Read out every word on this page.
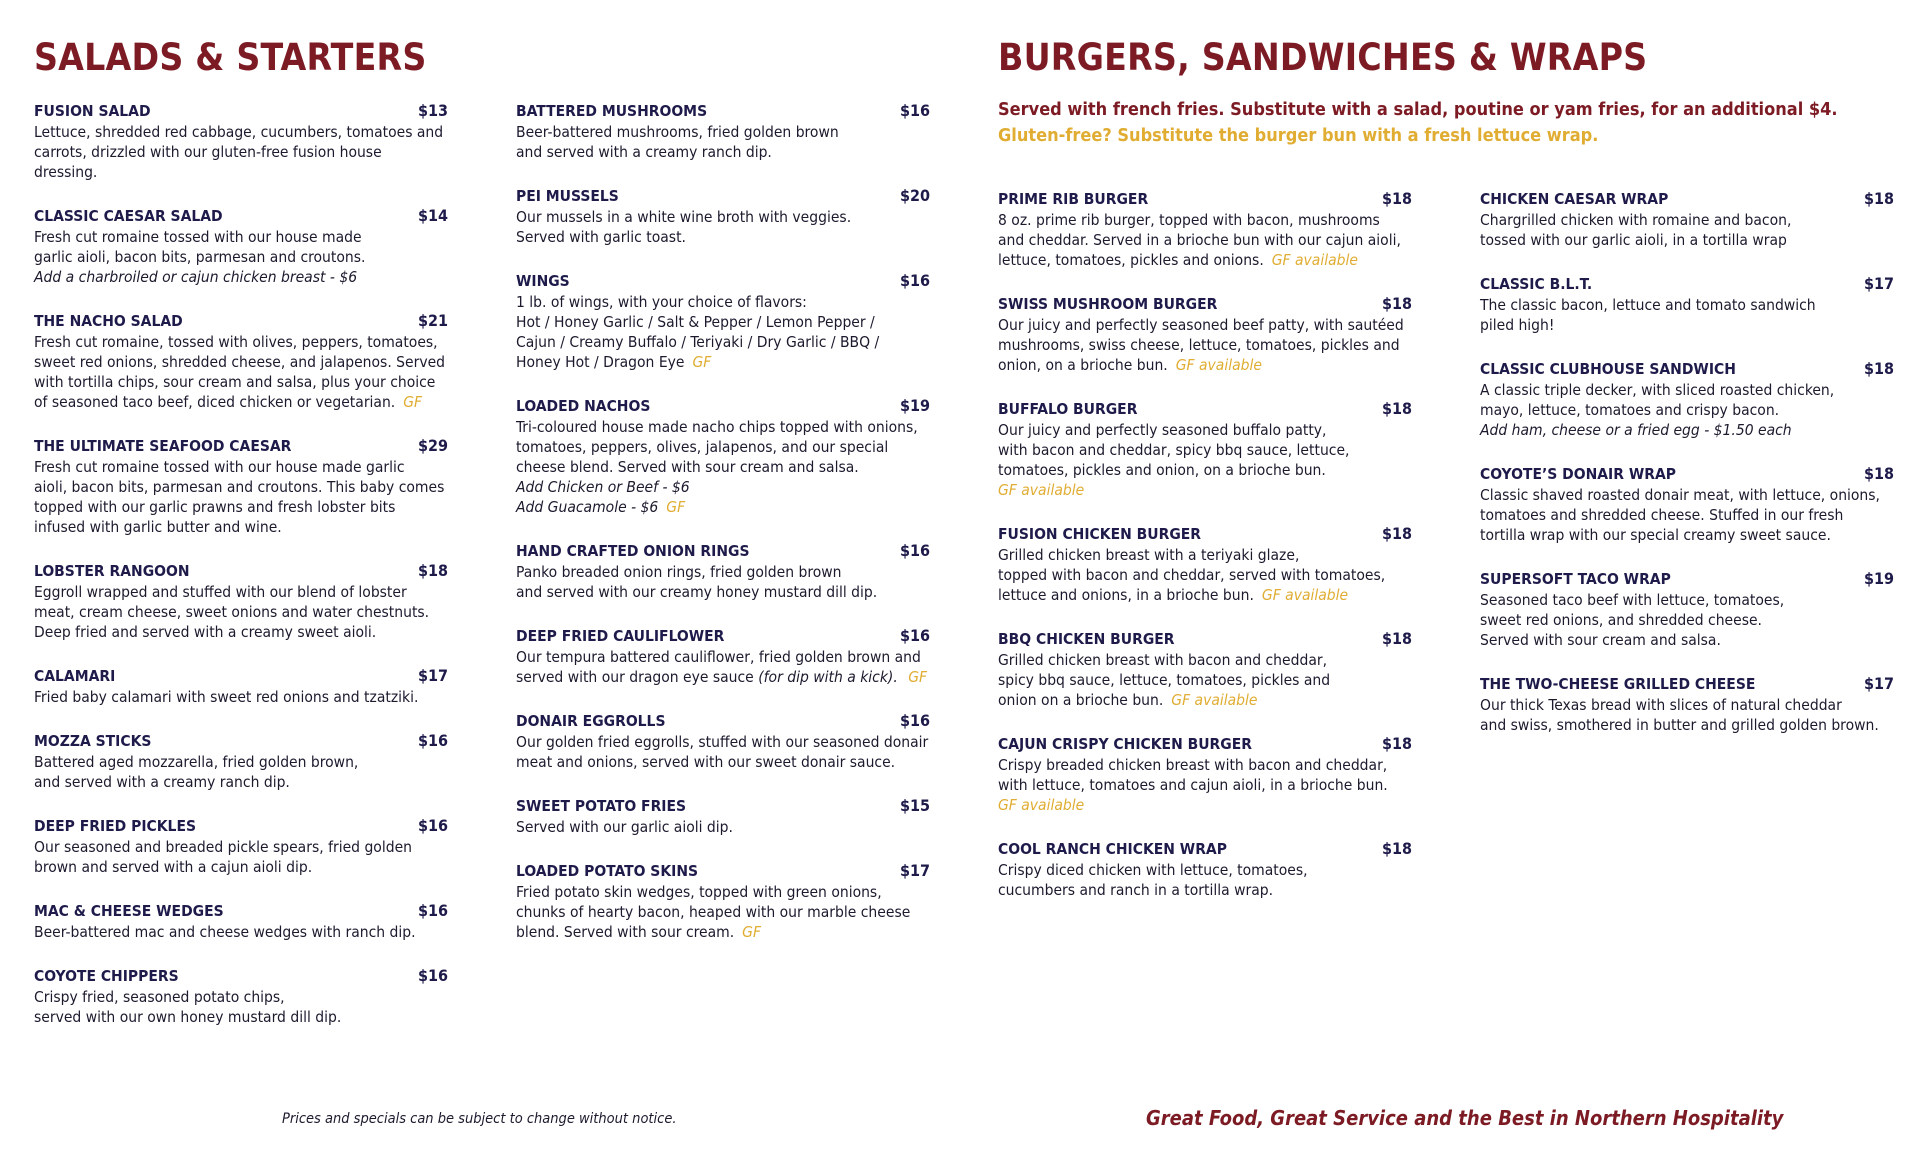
SALADS & STARTERS	BURGERS, SANDWICHES & WRAPS
Served with french fries. Substitute with a salad, poutine or yam fries, for an additional $4.
Gluten-free? Substitute the burger bun with a fresh lettuce wrap.
FUSION SALAD	$13
Lettuce, shredded red cabbage, cucumbers, tomatoes and
carrots, drizzled with our gluten-free fusion house dressing.
CLASSIC CAESAR SALAD	$14
Fresh cut romaine tossed with our house made
garlic aioli, bacon bits, parmesan and croutons.
Add a charbroiled or cajun chicken breast - $6
THE NACHO SALAD	$21
Fresh cut romaine, tossed with olives, peppers, tomatoes,
sweet red onions, shredded cheese, and jalapenos. Served
with tortilla chips, sour cream and salsa, plus your choice
of seasoned taco beef, diced chicken or vegetarian. GF
THE ULTIMATE SEAFOOD CAESAR	$29
Fresh cut romaine tossed with our house made garlic
aioli, bacon bits, parmesan and croutons. This baby comes
topped with our garlic prawns and fresh lobster bits
infused with garlic butter and wine.
LOBSTER RANGOON	$18
Eggroll wrapped and stuffed with our blend of lobster
meat, cream cheese, sweet onions and water chestnuts.
Deep fried and served with a creamy sweet aioli.
CALAMARI	$17
Fried baby calamari with sweet red onions and tzatziki.
MOZZA STICKS	$16
Battered aged mozzarella, fried golden brown,
and served with a creamy ranch dip.
DEEP FRIED PICKLES	$16
Our seasoned and breaded pickle spears, fried golden
brown and served with a cajun aioli dip.
MAC & CHEESE WEDGES	$16
Beer-battered mac and cheese wedges with ranch dip.
COYOTE CHIPPERS	$16
Crispy fried, seasoned potato chips,
served with our own honey mustard dill dip.
BATTERED MUSHROOMS	$16
Beer-battered mushrooms, fried golden brown
and served with a creamy ranch dip.
PEI MUSSELS	$20
Our mussels in a white wine broth with veggies.
Served with garlic toast.
WINGS	$16
1 lb. of wings, with your choice of flavors:
Hot / Honey Garlic / Salt & Pepper / Lemon Pepper /
Cajun / Creamy Buffalo / Teriyaki / Dry Garlic / BBQ /
Honey Hot / Dragon Eye GF
LOADED NACHOS	$19
Tri-coloured house made nacho chips topped with onions,
tomatoes, peppers, olives, jalapenos, and our special
cheese blend. Served with sour cream and salsa.
Add Chicken or Beef - $6
Add Guacamole - $6 GF
HAND CRAFTED ONION RINGS	$16
Panko breaded onion rings, fried golden brown
and served with our creamy honey mustard dill dip.
DEEP FRIED CAULIFLOWER	$16
Our tempura battered cauliflower, fried golden brown and
served with our dragon eye sauce (for dip with a kick). GF
DONAIR EGGROLLS	$16
Our golden fried eggrolls, stuffed with our seasoned donair
meat and onions, served with our sweet donair sauce.
SWEET POTATO FRIES	$15
Served with our garlic aioli dip.
LOADED POTATO SKINS	$17
Fried potato skin wedges, topped with green onions,
chunks of hearty bacon, heaped with our marble cheese
blend. Served with sour cream. GF
PRIME RIB BURGER	$18
8 oz. prime rib burger, topped with bacon, mushrooms
and cheddar. Served in a brioche bun with our cajun aioli,
lettuce, tomatoes, pickles and onions. GF available
SWISS MUSHROOM BURGER	$18
Our juicy and perfectly seasoned beef patty, with sautéed
mushrooms, swiss cheese, lettuce, tomatoes, pickles and
onion, on a brioche bun. GF available
BUFFALO BURGER	$18
Our juicy and perfectly seasoned buffalo patty,
with bacon and cheddar, spicy bbq sauce, lettuce,
tomatoes, pickles and onion, on a brioche bun.
GF available
FUSION CHICKEN BURGER	$18
Grilled chicken breast with a teriyaki glaze,
topped with bacon and cheddar, served with tomatoes,
lettuce and onions, in a brioche bun. GF available
BBQ CHICKEN BURGER	$18
Grilled chicken breast with bacon and cheddar,
spicy bbq sauce, lettuce, tomatoes, pickles and
onion on a brioche bun. GF available
CAJUN CRISPY CHICKEN BURGER	$18
Crispy breaded chicken breast with bacon and cheddar,
with lettuce, tomatoes and cajun aioli, in a brioche bun.
GF available
COOL RANCH CHICKEN WRAP	$18
Crispy diced chicken with lettuce, tomatoes,
cucumbers and ranch in a tortilla wrap.
CHICKEN CAESAR WRAP	$18
Chargrilled chicken with romaine and bacon,
tossed with our garlic aioli, in a tortilla wrap
CLASSIC B.L.T.	$17
The classic bacon, lettuce and tomato sandwich
piled high!
CLASSIC CLUBHOUSE SANDWICH	$18
A classic triple decker, with sliced roasted chicken,
mayo, lettuce, tomatoes and crispy bacon.
Add ham, cheese or a fried egg - $1.50 each
COYOTE’S DONAIR WRAP	$18
Classic shaved roasted donair meat, with lettuce, onions,
tomatoes and shredded cheese. Stuffed in our fresh
tortilla wrap with our special creamy sweet sauce.
SUPERSOFT TACO WRAP	$19
Seasoned taco beef with lettuce, tomatoes,
sweet red onions, and shredded cheese.
Served with sour cream and salsa.
THE TWO-CHEESE GRILLED CHEESE	$17
Our thick Texas bread with slices of natural cheddar
and swiss, smothered in butter and grilled golden brown.
Prices and specials can be subject to change without notice.	Great Food, Great Service and the Best in Northern Hospitality
